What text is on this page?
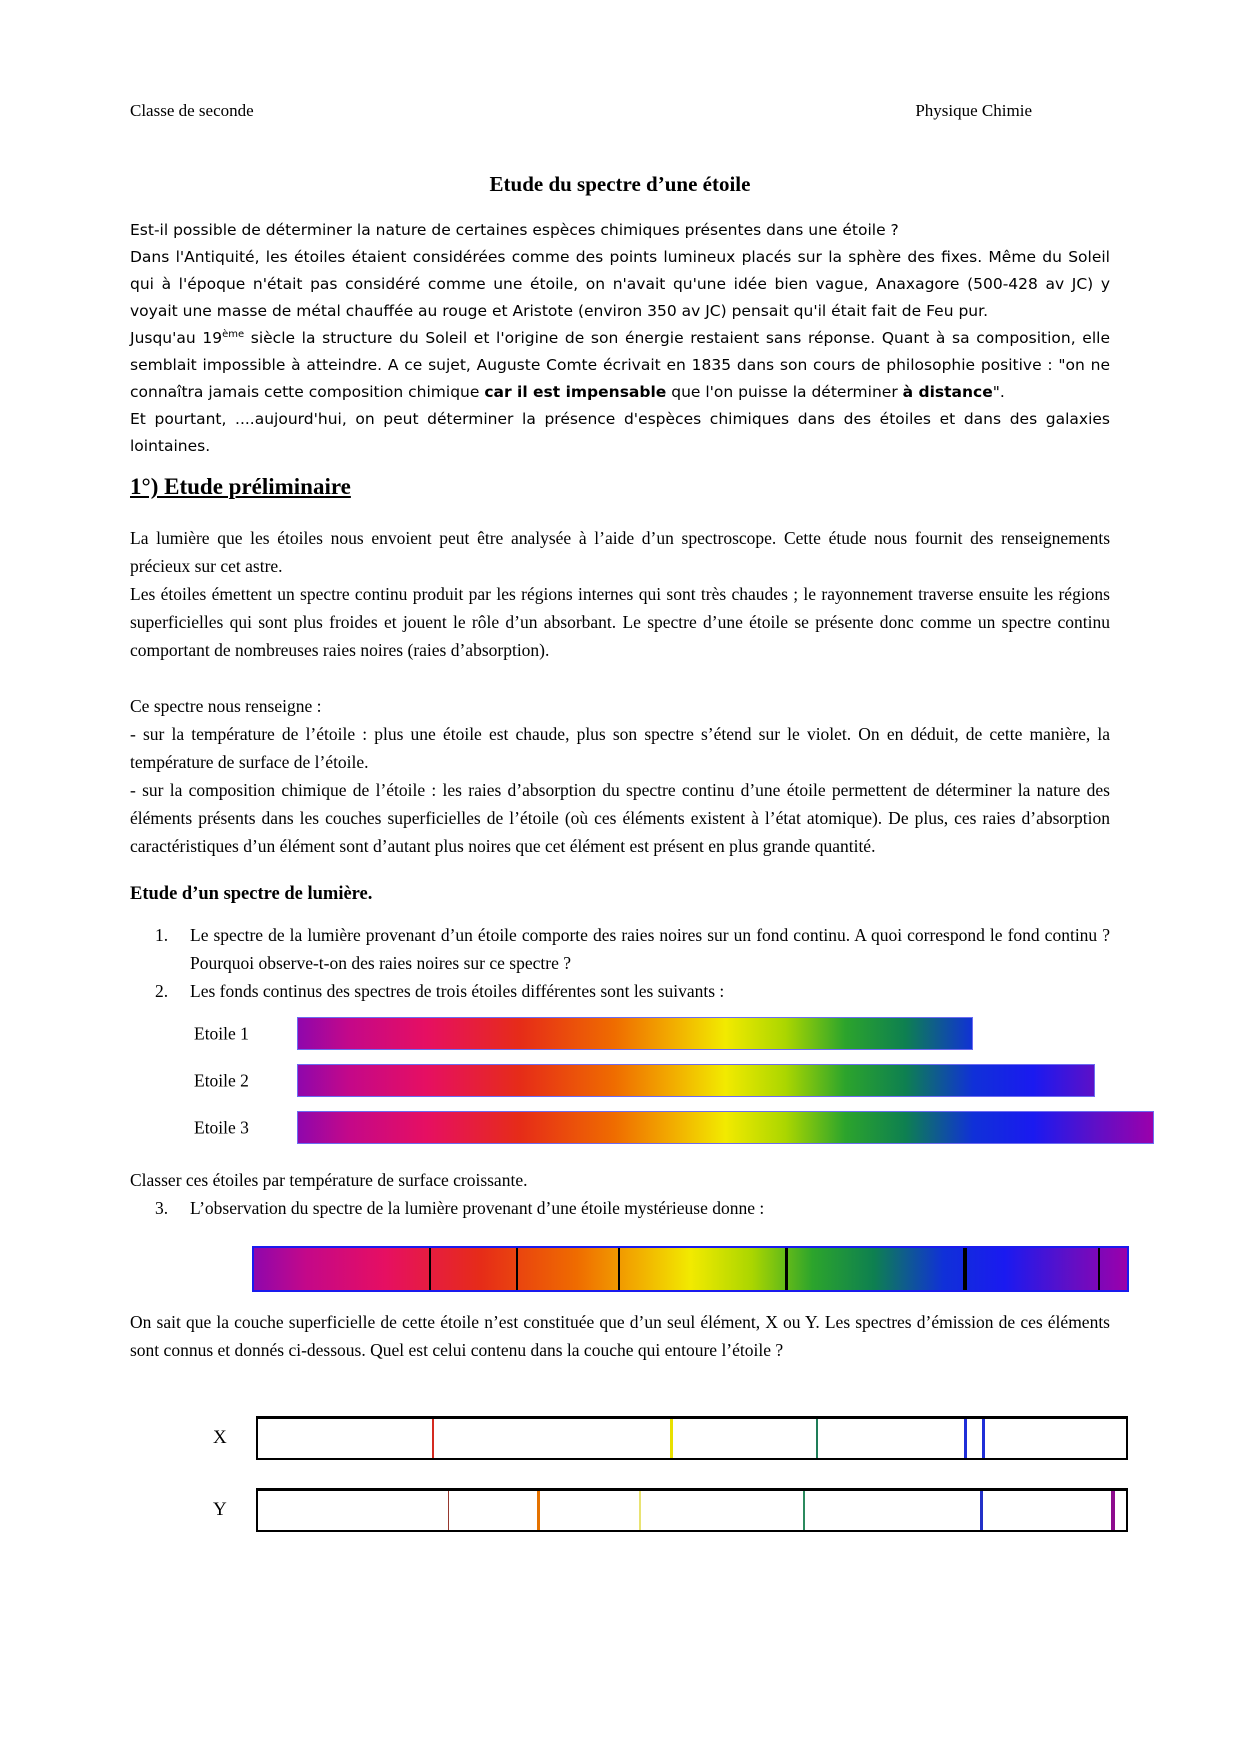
Classe de seconde	Physique Chimie
Etude du spectre d’une étoile

Est-il possible de déterminer la nature de certaines espèces chimiques présentes dans une étoile ?

Dans l'Antiquité, les étoiles étaient considérées comme des points lumineux placés sur la sphère des fixes. Même du Soleil qui à l'époque n'était pas considéré comme une étoile, on n'avait qu'une idée bien vague, Anaxagore (500-428 av JC) y voyait une masse de métal chauffée au rouge et Aristote (environ 350 av JC) pensait qu'il était fait de Feu pur.

Jusqu'au 19ème siècle la structure du Soleil et l'origine de son énergie restaient sans réponse. Quant à sa composition, elle semblait impossible à atteindre. A ce sujet, Auguste Comte écrivait en 1835 dans son cours de philosophie positive : "on ne connaîtra jamais cette composition chimique car il est impensable que l'on puisse la déterminer à distance".

Et pourtant, ....aujourd'hui, on peut déterminer la présence d'espèces chimiques dans des étoiles et dans des galaxies lointaines.

1°) Etude préliminaire

La lumière que les étoiles nous envoient peut être analysée à l’aide d’un spectroscope. Cette étude nous fournit des renseignements précieux sur cet astre.

Les étoiles émettent un spectre continu produit par les régions internes qui sont très chaudes ; le rayonnement traverse ensuite les régions superficielles qui sont plus froides et jouent le rôle d’un absorbant. Le spectre d’une étoile se présente donc comme un spectre continu comportant de nombreuses raies noires (raies d’absorption).

Ce spectre nous renseigne :

- sur la température de l’étoile : plus une étoile est chaude, plus son spectre s’étend sur le violet. On en déduit, de cette manière, la température de surface de l’étoile.

- sur la composition chimique de l’étoile : les raies d’absorption du spectre continu d’une étoile permettent de déterminer la nature des éléments présents dans les couches superficielles de l’étoile (où ces éléments existent à l’état atomique). De plus, ces raies d’absorption caractéristiques d’un élément sont d’autant plus noires que cet élément est présent en plus grande quantité.

Etude d’un spectre de lumière.
1.	Le spectre de la lumière provenant d’un étoile comporte des raies noires sur un fond continu. A quoi correspond le fond continu ? Pourquoi observe-t-on des raies noires sur ce spectre ?
2.	Les fonds continus des spectres de trois étoiles différentes sont les suivants :
Etoile 1
Etoile 2
Etoile 3

Classer ces étoiles par température de surface croissante.

3.	L’observation du spectre de la lumière provenant d’une étoile mystérieuse donne :

On sait que la couche superficielle de cette étoile n’est constituée que d’un seul élément, X ou Y. Les spectres d’émission de ces éléments sont connus et donnés ci-dessous. Quel est celui contenu dans la couche qui entoure l’étoile ?

X
Y
